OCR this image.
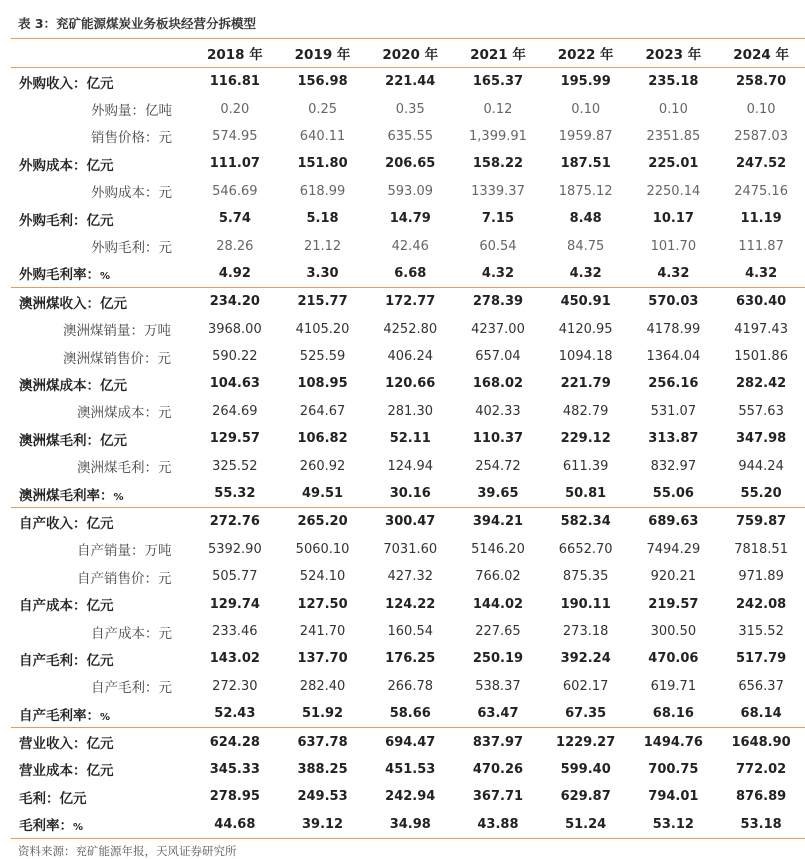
表 3：兖矿能源煤炭业务板块经营分拆模型
	2018 年	2019 年	2020 年	2021 年	2022 年	2023 年	2024 年
外购收入：亿元	116.81	156.98	221.44	165.37	195.99	235.18	258.70
外购量：亿吨	0.20	0.25	0.35	0.12	0.10	0.10	0.10
销售价格：元	574.95	640.11	635.55	1,399.91	1959.87	2351.85	2587.03
外购成本：亿元	111.07	151.80	206.65	158.22	187.51	225.01	247.52
外购成本：元	546.69	618.99	593.09	1339.37	1875.12	2250.14	2475.16
外购毛利：亿元	5.74	5.18	14.79	7.15	8.48	10.17	11.19
外购毛利：元	28.26	21.12	42.46	60.54	84.75	101.70	111.87
外购毛利率：%	4.92	3.30	6.68	4.32	4.32	4.32	4.32
澳洲煤收入：亿元	234.20	215.77	172.77	278.39	450.91	570.03	630.40
澳洲煤销量：万吨	3968.00	4105.20	4252.80	4237.00	4120.95	4178.99	4197.43
澳洲煤销售价：元	590.22	525.59	406.24	657.04	1094.18	1364.04	1501.86
澳洲煤成本：亿元	104.63	108.95	120.66	168.02	221.79	256.16	282.42
澳洲煤成本：元	264.69	264.67	281.30	402.33	482.79	531.07	557.63
澳洲煤毛利：亿元	129.57	106.82	52.11	110.37	229.12	313.87	347.98
澳洲煤毛利：元	325.52	260.92	124.94	254.72	611.39	832.97	944.24
澳洲煤毛利率：%	55.32	49.51	30.16	39.65	50.81	55.06	55.20
自产收入：亿元	272.76	265.20	300.47	394.21	582.34	689.63	759.87
自产销量：万吨	5392.90	5060.10	7031.60	5146.20	6652.70	7494.29	7818.51
自产销售价：元	505.77	524.10	427.32	766.02	875.35	920.21	971.89
自产成本：亿元	129.74	127.50	124.22	144.02	190.11	219.57	242.08
自产成本：元	233.46	241.70	160.54	227.65	273.18	300.50	315.52
自产毛利：亿元	143.02	137.70	176.25	250.19	392.24	470.06	517.79
自产毛利：元	272.30	282.40	266.78	538.37	602.17	619.71	656.37
自产毛利率：%	52.43	51.92	58.66	63.47	67.35	68.16	68.14
营业收入：亿元	624.28	637.78	694.47	837.97	1229.27	1494.76	1648.90
营业成本：亿元	345.33	388.25	451.53	470.26	599.40	700.75	772.02
毛利：亿元	278.95	249.53	242.94	367.71	629.87	794.01	876.89
毛利率：%	44.68	39.12	34.98	43.88	51.24	53.12	53.18
资料来源：兖矿能源年报，天风证券研究所
